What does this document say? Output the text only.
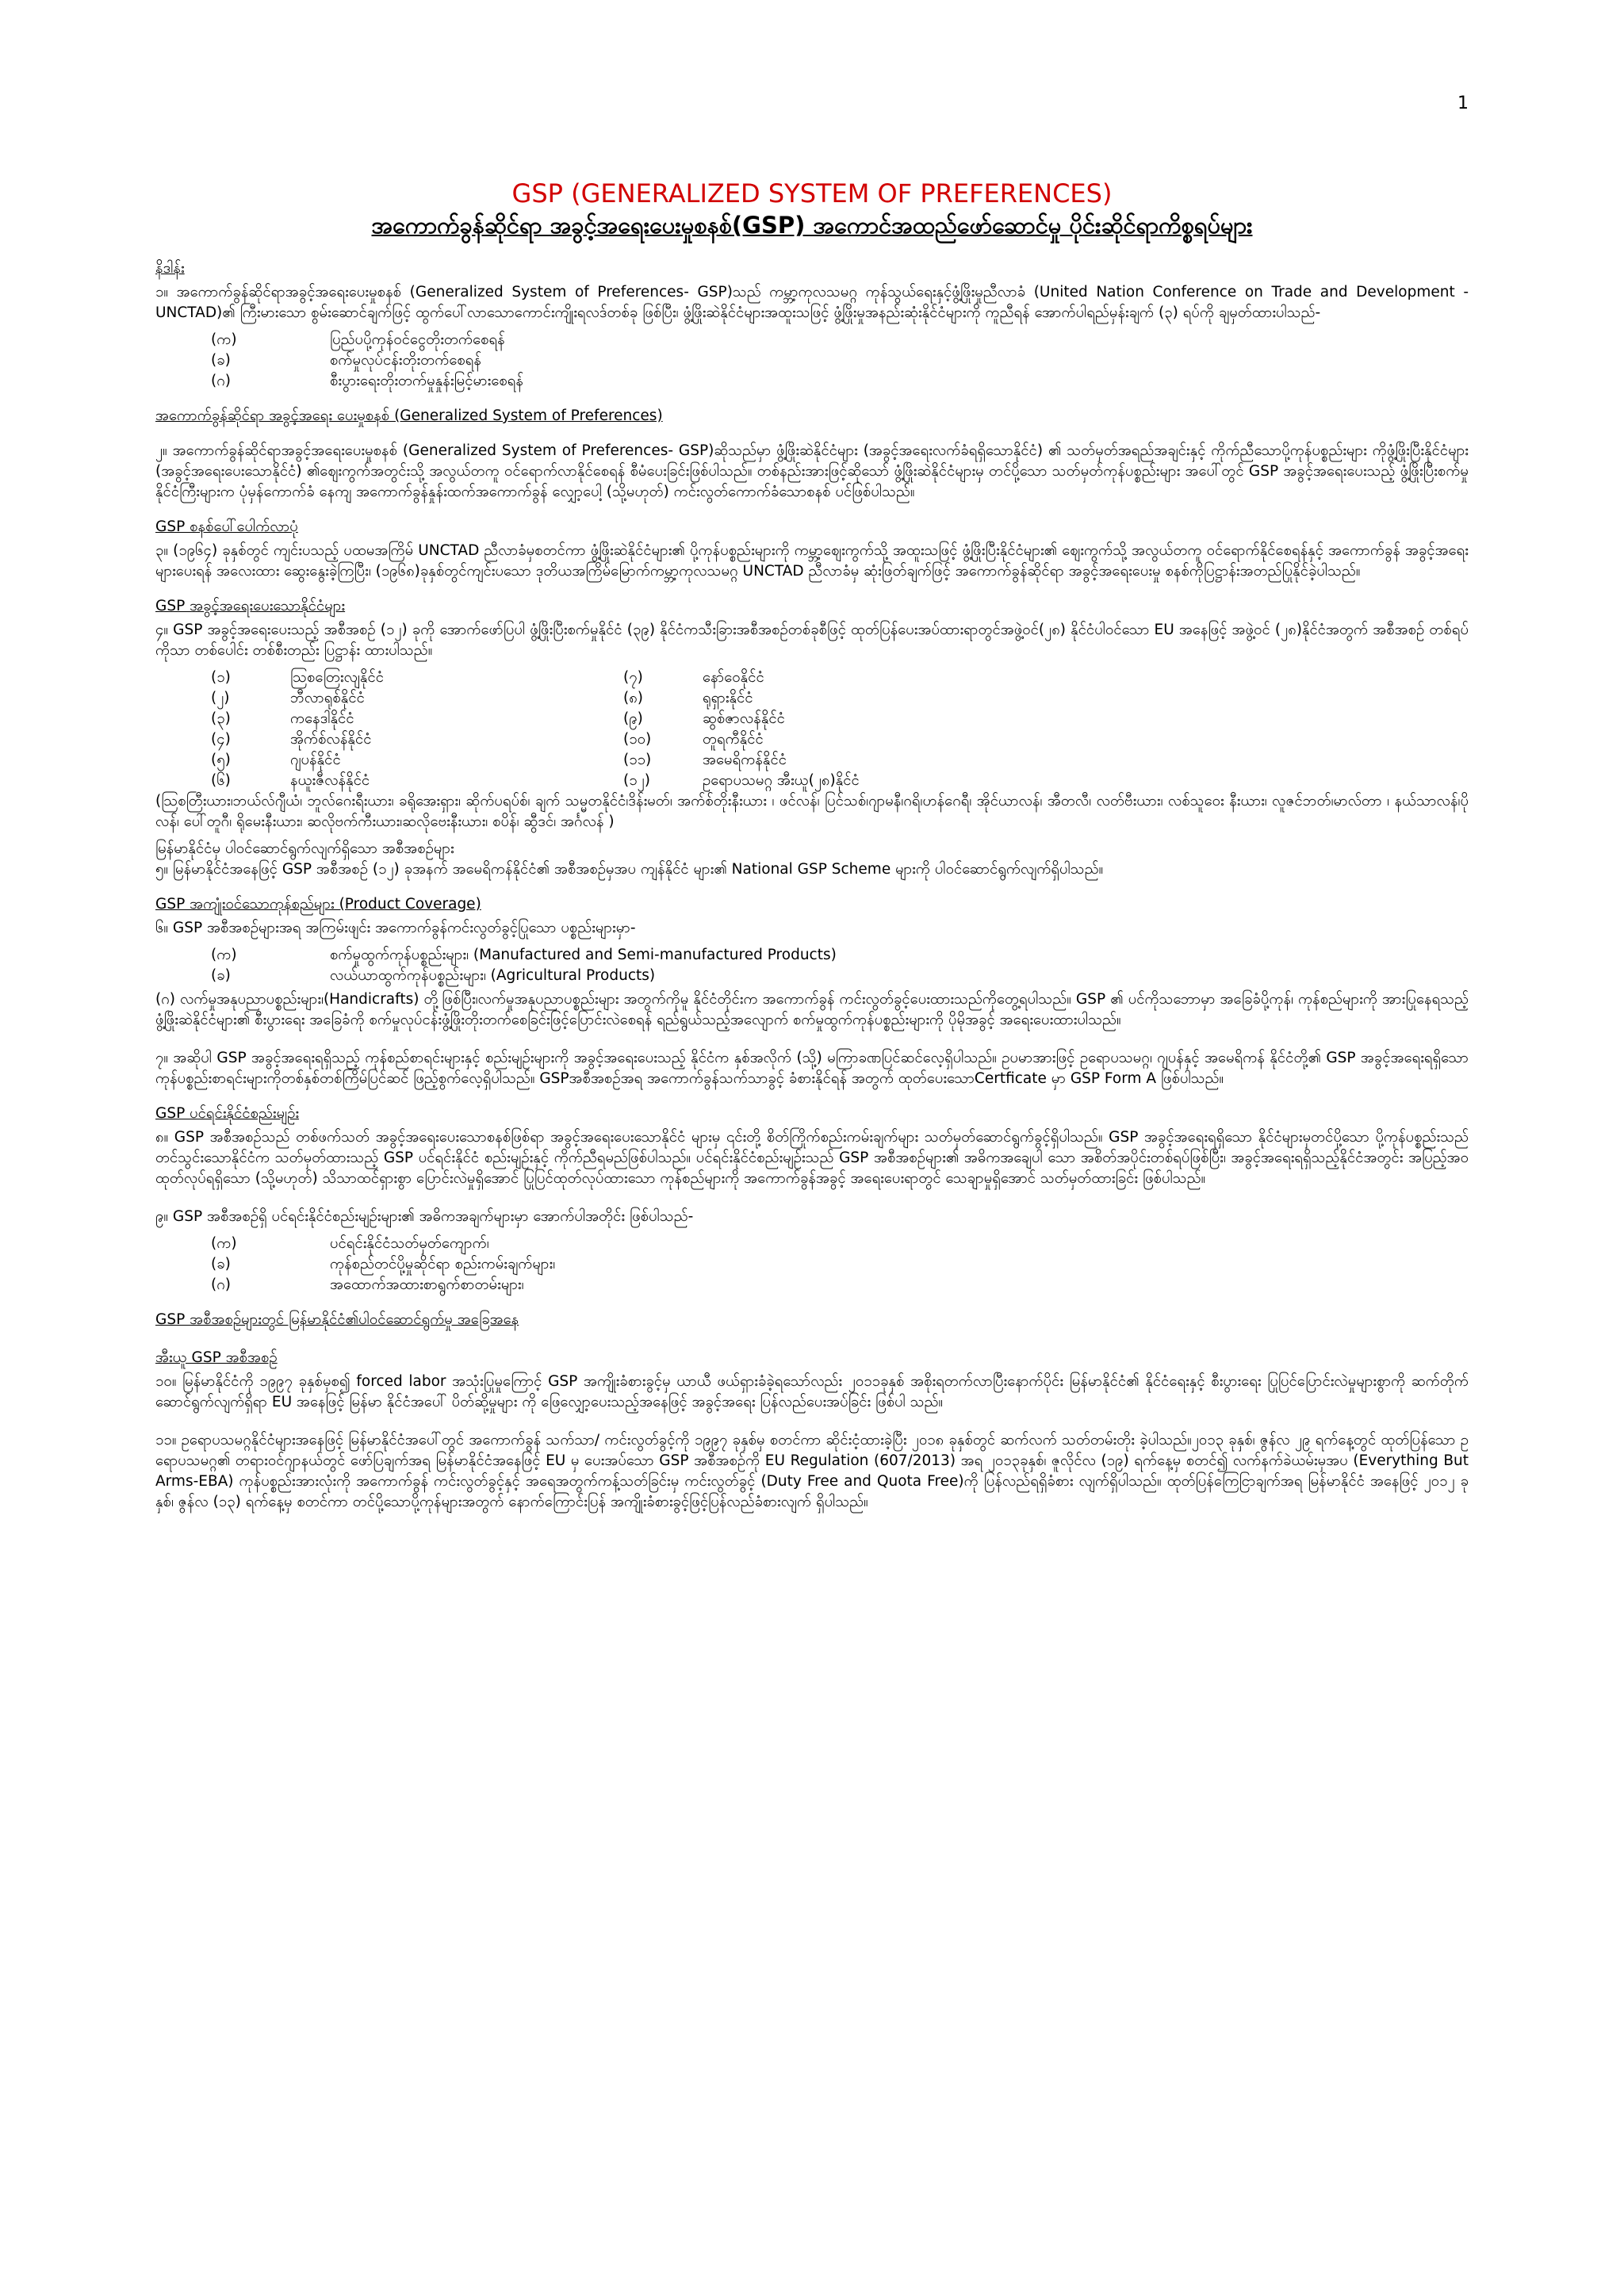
1
GSP (GENERALIZED SYSTEM OF PREFERENCES)
အကောက်ခွန်ဆိုင်ရာ အခွင့်အရေးပေးမှုစနစ်(GSP) အကောင်အထည်ဖော်ဆောင်မှု ပိုင်းဆိုင်ရာကိစ္စရပ်များ
နိဒါန်း

၁။ အကောက်ခွန်ဆိုင်ရာအခွင့်အရေးပေးမှုစနစ် (Generalized System of Preferences- GSP)သည် ကမ္ဘာ့ကုလသမဂ္ဂ ကုန်သွယ်ရေးနှင့်ဖွံ့ဖြိုးမှုညီလာခံ (United Nation Conference on Trade and Development -UNCTAD)၏ ကြီးမားသော စွမ်းဆောင်ချက်ဖြင့် ထွက်ပေါ်လာသောကောင်းကျိုးရလဒ်တစ်ခု ဖြစ်ပြီး၊ ဖွံ့ဖြိုးဆဲနိုင်ငံများအထူးသဖြင့် ဖွံ့ဖြိုးမှုအနည်းဆုံးနိုင်ငံများကို ကူညီရန် အောက်ပါရည်မှန်းချက် (၃) ရပ်ကို ချမှတ်ထားပါသည်-

(က)	ပြည်ပပို့ကုန်ဝင်ငွေတိုးတက်စေရန်
(ခ)	စက်မှုလုပ်ငန်းတိုးတက်စေရန်
(ဂ)	စီးပွားရေးတိုးတက်မှုနှုန်းမြင့်မားစေရန်
အကောက်ခွန်ဆိုင်ရာ အခွင့်အရေး ပေးမှုစနစ် (Generalized System of Preferences)

၂။ အကောက်ခွန်ဆိုင်ရာအခွင့်အရေးပေးမှုစနစ် (Generalized System of Preferences- GSP)ဆိုသည်မှာ ဖွံ့ဖြိုးဆဲနိုင်ငံများ (အခွင့်အရေးလက်ခံရရှိသောနိုင်ငံ) ၏ သတ်မှတ်အရည်အချင်းနှင့် ကိုက်ညီသောပို့ကုန်ပစ္စည်းများ ကိုဖွံ့ဖြိုးပြီးနိုင်ငံများ (အခွင့်အရေးပေးသောနိုင်ငံ) ၏ဈေးကွက်အတွင်းသို့ အလွယ်တကူ ဝင်ရောက်လာနိုင်စေရန် စီမံပေးခြင်းဖြစ်ပါသည်။ တစ်နည်းအားဖြင့်ဆိုသော် ဖွံ့ဖြိုးဆဲနိုင်ငံများမှ တင်ပို့သော သတ်မှတ်ကုန်ပစ္စည်းများ အပေါ်တွင် GSP အခွင့်အရေးပေးသည့် ဖွံ့ဖြိုးပြီးစက်မှုနိုင်ငံကြီးများက ပုံမှန်ကောက်ခံ နေကျ အကောက်ခွန်နှုန်းထက်အကောက်ခွန် လျှော့ပေါ့ (သို့မဟုတ်) ကင်းလွတ်ကောက်ခံသောစနစ် ပင်ဖြစ်ပါသည်။

GSP စနစ်ပေါ်ပေါက်လာပုံ

၃။ (၁၉၆၄) ခုနှစ်တွင် ကျင်းပသည့် ပထမအကြိမ် UNCTAD ညီလာခံမှစတင်ကာ ဖွံ့ဖြိုးဆဲနိုင်ငံများ၏ ပို့ကုန်ပစ္စည်းများကို ကမ္ဘာ့ဈေးကွက်သို့ အထူးသဖြင့် ဖွံ့ဖြိုးပြီးနိုင်ငံများ၏ ဈေးကွက်သို့ အလွယ်တကူ ဝင်ရောက်နိုင်စေရန်နှင့် အကောက်ခွန် အခွင့်အရေးများပေးရန် အလေးထား ဆွေးနွေးခဲ့ကြပြီး၊ (၁၉၆၈)ခုနှစ်တွင်ကျင်းပသော ဒုတိယအကြိမ်မြောက်ကမ္ဘာ့ကုလသမဂ္ဂ UNCTAD ညီလာခံမှ ဆုံးဖြတ်ချက်ဖြင့် အကောက်ခွန်ဆိုင်ရာ အခွင့်အရေးပေးမှု စနစ်ကိုပြဋ္ဌာန်းအတည်ပြုနိုင်ခဲ့ပါသည်။

GSP အခွင့်အရေးပေးသောနိုင်ငံများ

၄။ GSP အခွင့်အရေးပေးသည့် အစီအစဉ် (၁၂) ခုကို အောက်ဖော်ပြပါ ဖွံ့ဖြိုးပြီးစက်မှုနိုင်ငံ (၃၉) နိုင်ငံကသီးခြားအစီအစဉ်တစ်ခုစီဖြင့် ထုတ်ပြန်ပေးအပ်ထားရာတွင်အဖွဲ့ဝင်(၂၈) နိုင်ငံပါဝင်သော EU အနေဖြင့် အဖွဲ့ဝင် (၂၈)နိုင်ငံအတွက် အစီအစဉ် တစ်ရပ်ကိုသာ တစ်ပေါင်း တစ်စီးတည်း ပြဋ္ဌာန်း ထားပါသည်။

(၁)	သြစတြေးလျနိုင်ငံ	(၇)	နော်ဝေနိုင်ငံ
(၂)	ဘီလာရုစ်နိုင်ငံ	(၈)	ရုရှားနိုင်ငံ
(၃)	ကနေဒါနိုင်ငံ	(၉)	ဆွစ်ဇာလန်နိုင်ငံ
(၄)	အိုက်စ်လန်နိုင်ငံ	(၁၀)	တူရကီနိုင်ငံ
(၅)	ဂျပန်နိုင်ငံ	(၁၁)	အမေရိကန်နိုင်ငံ
(၆)	နယူးဇီလန်နိုင်ငံ	(၁၂)	ဥရောပသမဂ္ဂ အီးယူ(၂၈)နိုင်ငံ

(သြစတြီးယား၊ဘယ်လ်ဂျီယံ၊ ဘူလ်ဂေးရီးယား၊ ခရိုအေးရှား၊ ဆိုက်ပရပ်စ်၊ ချက် သမ္မတနိုင်ငံ၊ဒိန်းမတ်၊ အက်စ်တိုးနီးယား ၊ ဖင်လန်၊ ပြင်သစ်၊ဂျာမနီ၊ဂရိ၊ဟန်ဂေရီ၊ အိုင်ယာလန်၊ အီတလီ၊ လတ်ဗီးယား၊ လစ်သူဝေး နီးယား၊ လူဇင်ဘတ်၊မာလ်တာ ၊ နယ်သာလန်၊ပိုလန်၊ ပေါ်တူဂီ၊ ရိုမေးနီးယား၊ ဆလိုဗက်ကီးယား၊ဆလိုဗေးနီးယား၊ စပိန်၊ ဆွီဒင်၊ အင်္ဂလန် )

မြန်မာနိုင်ငံမှ ပါဝင်ဆောင်ရွက်လျက်ရှိသော အစီအစဉ်များ

၅။ မြန်မာနိုင်ငံအနေဖြင့် GSP အစီအစဉ် (၁၂) ခုအနက် အမေရိကန်နိုင်ငံ၏ အစီအစဉ်မှအပ ကျန်နိုင်ငံ များ၏ National GSP Scheme များကို ပါဝင်ဆောင်ရွက်လျက်ရှိပါသည်။

GSP အကျုံးဝင်သောကုန်စည်များ (Product Coverage)

၆။ GSP အစီအစဉ်များအရ အကြမ်းဖျင်း အကောက်ခွန်ကင်းလွတ်ခွင့်ပြုသော ပစ္စည်းများမှာ-

(က)	စက်မှုထွက်ကုန်ပစ္စည်းများ၊ (Manufactured and Semi-manufactured Products)
(ခ)	လယ်ယာထွက်ကုန်ပစ္စည်းများ၊ (Agricultural Products)

(ဂ) လက်မှုအနုပညာပစ္စည်းများ၊(Handicrafts) တို့ဖြစ်ပြီး၊လက်မှုအနုပညာပစ္စည်းများ အတွက်ကိုမူ နိုင်ငံတိုင်းက အကောက်ခွန် ကင်းလွတ်ခွင့်ပေးထားသည်ကိုတွေ့ရပါသည်။ GSP ၏ ပင်ကိုသဘောမှာ အခြေခံပို့ကုန်၊ ကုန်စည်များကို အားပြုနေရသည့် ဖွံ့ဖြိုးဆဲနိုင်ငံများ၏ စီးပွားရေး အခြေခံကို စက်မှုလုပ်ငန်းဖွံ့ဖြိုးတိုးတက်စေခြင်းဖြင့်ပြောင်းလဲစေရန် ရည်ရွယ်သည့်အလျောက် စက်မှုထွက်ကုန်ပစ္စည်းများကို ပိုမိုအခွင့် အရေးပေးထားပါသည်။

၇။ အဆိုပါ GSP အခွင့်အရေးရရှိသည့် ကုန်စည်စာရင်းများနှင့် စည်းမျဉ်းများကို အခွင့်အရေးပေးသည့် နိုင်ငံက နှစ်အလိုက် (သို့) မကြာခဏပြင်ဆင်လေ့ရှိပါသည်။ ဥပမာအားဖြင့် ဥရောပသမဂ္ဂ၊ ဂျပန်နှင့် အမေရိကန် နိုင်ငံတို့၏ GSP အခွင့်အရေးရရှိသော ကုန်ပစ္စည်းစာရင်းများကိုတစ်နှစ်တစ်ကြိမ်ပြင်ဆင် ဖြည့်စွက်လေ့ရှိပါသည်။ GSPအစီအစဉ်အရ အကောက်ခွန်သက်သာခွင့် ခံစားနိုင်ရန် အတွက် ထုတ်ပေးသောCertficate မှာ GSP Form A ဖြစ်ပါသည်။

GSP ပင်ရင်းနိုင်ငံစည်းမျဉ်း

၈။ GSP အစီအစဉ်သည် တစ်ဖက်သတ် အခွင့်အရေးပေးသောစနစ်ဖြစ်ရာ အခွင့်အရေးပေးသောနိုင်ငံ များမှ ၎င်းတို့ စိတ်ကြိုက်စည်းကမ်းချက်များ သတ်မှတ်ဆောင်ရွက်ခွင့်ရှိပါသည်။ GSP အခွင့်အရေးရရှိသော နိုင်ငံများမှတင်ပို့သော ပို့ကုန်ပစ္စည်းသည် တင်သွင်းသောနိုင်ငံက သတ်မှတ်ထားသည့် GSP ပင်ရင်းနိုင်ငံ စည်းမျဉ်းနှင့် ကိုက်ညီရမည်ဖြစ်ပါသည်။ ပင်ရင်းနိုင်ငံစည်းမျဉ်းသည် GSP အစီအစဉ်များ၏ အဓိကအချေပါ သော အစိတ်အပိုင်းတစ်ရပ်ဖြစ်ပြီး၊ အခွင့်အရေးရရှိသည့်နိုင်ငံအတွင်း အပြည့်အဝ ထုတ်လုပ်ရရှိသော (သို့မဟုတ်) သိသာထင်ရှားစွာ ပြောင်းလဲမှုရှိအောင် ပြုပြင်ထုတ်လုပ်ထားသော ကုန်စည်များကို အကောက်ခွန်အခွင့် အရေးပေးရာတွင် သေချာမှုရှိအောင် သတ်မှတ်ထားခြင်း ဖြစ်ပါသည်။

၉။ GSP အစီအစဉ်ရှိ ပင်ရင်းနိုင်ငံစည်းမျဉ်းများ၏ အဓိကအချက်များမှာ အောက်ပါအတိုင်း ဖြစ်ပါသည်-

(က)	ပင်ရင်းနိုင်ငံသတ်မှတ်ကျောက်၊
(ခ)	ကုန်စည်တင်ပို့မှုဆိုင်ရာ စည်းကမ်းချက်များ၊
(ဂ)	အထောက်အထားစာရွက်စာတမ်းများ၊
GSP အစီအစဉ်များတွင် မြန်မာနိုင်ငံ၏ပါဝင်ဆောင်ရွက်မှု အခြေအနေ
အီးယူ GSP အစီအစဉ်

၁၀။ မြန်မာနိုင်ငံကို ၁၉၉၇ ခုနှစ်မှစ၍ forced labor အသုံးပြုမှုကြောင့် GSP အကျိုးခံစားခွင့်မှ ယာယီ ဖယ်ရှားခံခဲ့ရသော်လည်း ၂၀၁၁ခုနှစ် အစိုးရတက်လာပြီးနောက်ပိုင်း မြန်မာနိုင်ငံ၏ နိုင်ငံရေးနှင့် စီးပွားရေး ပြုပြင်ပြောင်းလဲမှုများစွာကို ဆက်တိုက်ဆောင်ရွက်လျက်ရှိရာ EU အနေဖြင့် မြန်မာ နိုင်ငံအပေါ် ပိတ်ဆို့မှုများ ကို ဖြေလျှော့ပေးသည့်အနေဖြင့် အခွင့်အရေး ပြန်လည်ပေးအပ်ခြင်း ဖြစ်ပါ သည်။

၁၁။ ဥရောပသမဂ္ဂနိုင်ငံများအနေဖြင့် မြန်မာနိုင်ငံအပေါ်တွင် အကောက်ခွန် သက်သာ/ ကင်းလွတ်ခွင့်ကို ၁၉၉၇ ခုနှစ်မှ စတင်ကာ ဆိုင်းငံ့ထားခဲ့ပြီး ၂၀၁၈ ခုနှစ်တွင် ဆက်လက် သတ်တမ်းတိုး ခဲ့ပါသည်။၂၀၁၃ ခုနှစ်၊ ဇွန်လ ၂၉ ရက်နေ့တွင် ထုတ်ပြန်သော ဥရောပသမဂ္ဂ၏ တရားဝင်ဂျာနယ်တွင် ဖော်ပြချက်အရ မြန်မာနိုင်ငံအနေဖြင့် EU မှ ပေးအပ်သော GSP အစီအစဉ်ကို EU Regulation (607/2013) အရ ၂၀၁၃ခုနှစ်၊ ဇူလိုင်လ (၁၉) ရက်နေ့မှ စတင်၍ လက်နက်ခဲယမ်းမှအပ (Everything But Arms-EBA) ကုန်ပစ္စည်းအားလုံးကို အကောက်ခွန် ကင်းလွတ်ခွင့်နှင့် အရေအတွက်ကန့်သတ်ခြင်းမှ ကင်းလွတ်ခွင့် (Duty Free and Quota Free)ကို ပြန်လည်ရရှိခံစား လျက်ရှိပါသည်။ ထုတ်ပြန်ကြေငြာချက်အရ မြန်မာနိုင်ငံ အနေဖြင့် ၂၀၁၂ ခုနှစ်၊ ဇွန်လ (၁၃) ရက်နေ့မှ စတင်ကာ တင်ပို့သောပို့ကုန်များအတွက် နောက်ကြောင်းပြန် အကျိုးခံစားခွင့်ဖြင့်ပြန်လည်ခံစားလျက် ရှိပါသည်။
